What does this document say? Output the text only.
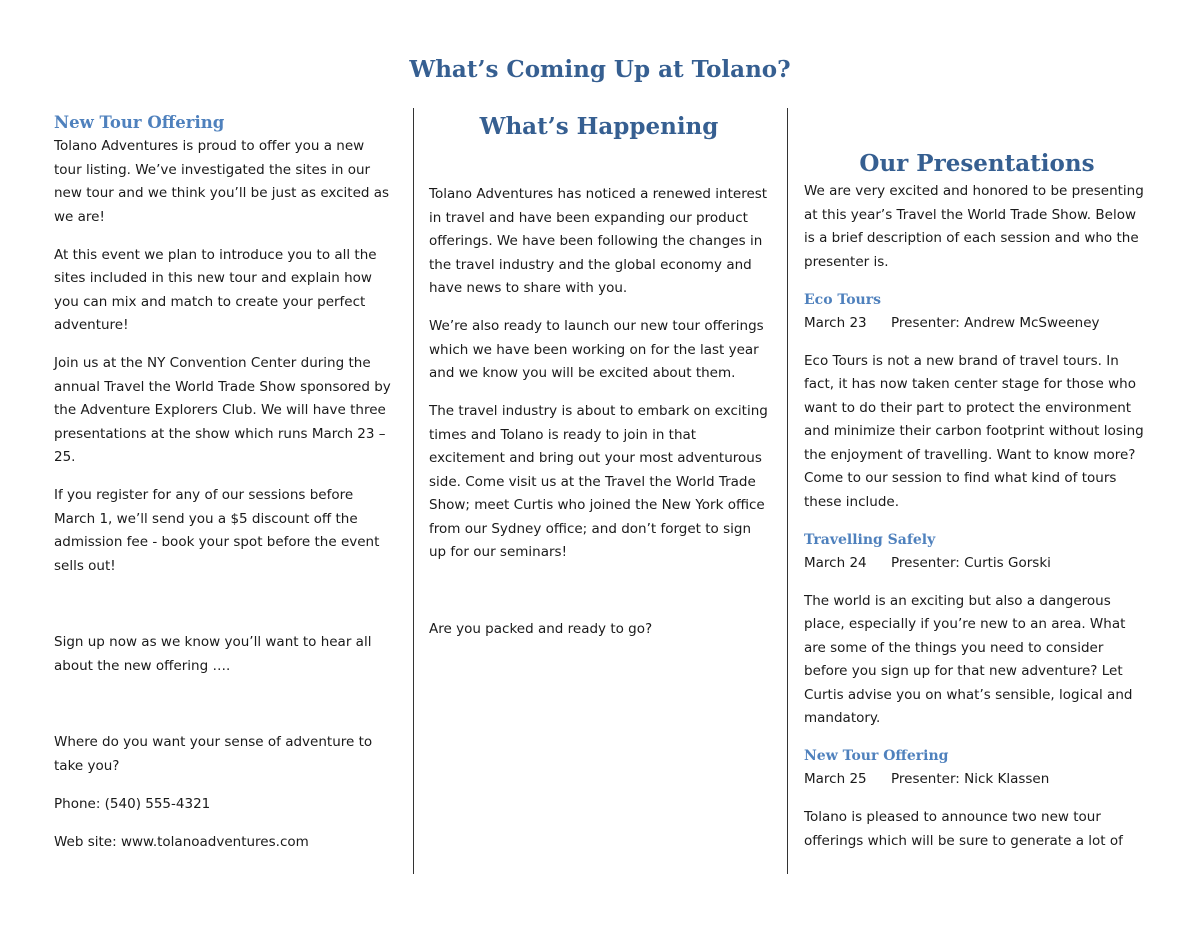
What’s Coming Up at Tolano?
New Tour Offering

Tolano Adventures is proud to offer you a new tour listing. We’ve investigated the sites in our new tour and we think you’ll be just as excited as we are!

At this event we plan to introduce you to all the sites included in this new tour and explain how you can mix and match to create your perfect adventure!

Join us at the NY Convention Center during the annual Travel the World Trade Show sponsored by the Adventure Explorers Club. We will have three presentations at the show which runs March 23 – 25.

If you register for any of our sessions before March 1, we’ll send you a $5 discount off the admission fee - book your spot before the event sells out!

Sign up now as we know you’ll want to hear all about the new offering ….

Where do you want your sense of adventure to take you?

Phone: (540) 555-4321

Web site: www.tolanoadventures.com

What’s Happening

Tolano Adventures has noticed a renewed interest in travel and have been expanding our product offerings. We have been following the changes in the travel industry and the global economy and have news to share with you.

We’re also ready to launch our new tour offerings which we have been working on for the last year and we know you will be excited about them.

The travel industry is about to embark on exciting times and Tolano is ready to join in that excitement and bring out your most adventurous side. Come visit us at the Travel the World Trade Show; meet Curtis who joined the New York office from our Sydney office; and don’t forget to sign up for our seminars!

Are you packed and ready to go?

Our Presentations

We are very excited and honored to be presenting at this year’s Travel the World Trade Show. Below is a brief description of each session and who the presenter is.

Eco Tours

March 23 Presenter: Andrew McSweeney

Eco Tours is not a new brand of travel tours. In fact, it has now taken center stage for those who want to do their part to protect the environment and minimize their carbon footprint without losing the enjoyment of travelling. Want to know more? Come to our session to find what kind of tours these include.

Travelling Safely

March 24 Presenter: Curtis Gorski

The world is an exciting but also a dangerous place, especially if you’re new to an area. What are some of the things you need to consider before you sign up for that new adventure? Let Curtis advise you on what’s sensible, logical and mandatory.

New Tour Offering

March 25 Presenter: Nick Klassen

Tolano is pleased to announce two new tour offerings which will be sure to generate a lot of
